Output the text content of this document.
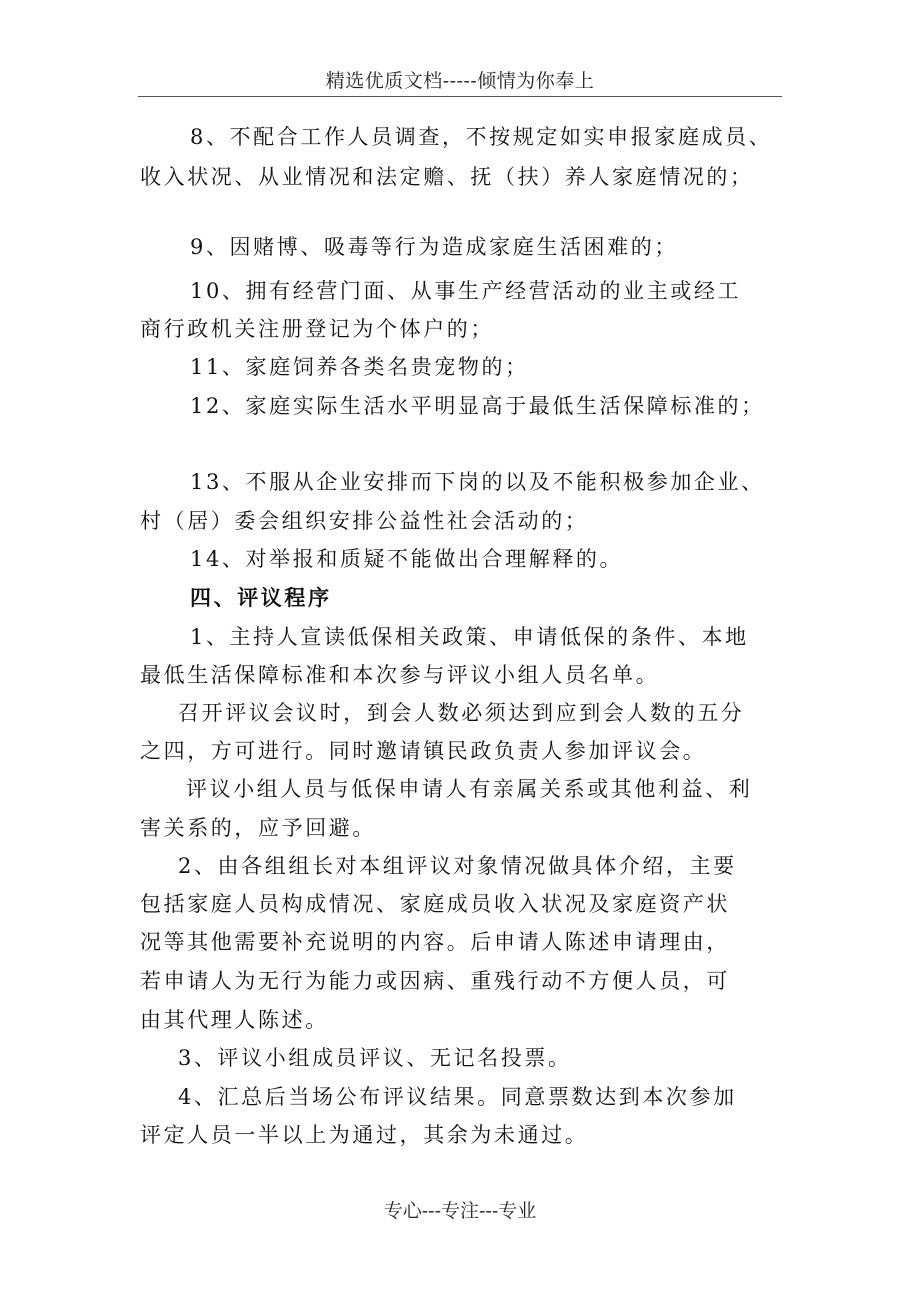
精选优质文档-----倾情为你奉上
8、不配合工作人员调查，不按规定如实申报家庭成员、
收入状况、从业情况和法定赡、抚（扶）养人家庭情况的；
9、因赌博、吸毒等行为造成家庭生活困难的；
10、拥有经营门面、从事生产经营活动的业主或经工
商行政机关注册登记为个体户的；
11、家庭饲养各类名贵宠物的；
12、家庭实际生活水平明显高于最低生活保障标准的；
13、不服从企业安排而下岗的以及不能积极参加企业、
村（居）委会组织安排公益性社会活动的；
14、对举报和质疑不能做出合理解释的。
四、评议程序
1、主持人宣读低保相关政策、申请低保的条件、本地
最低生活保障标准和本次参与评议小组人员名单。
召开评议会议时，到会人数必须达到应到会人数的五分
之四，方可进行。同时邀请镇民政负责人参加评议会。
评议小组人员与低保申请人有亲属关系或其他利益、利
害关系的，应予回避。
2、由各组组长对本组评议对象情况做具体介绍，主要
包括家庭人员构成情况、家庭成员收入状况及家庭资产状
况等其他需要补充说明的内容。后申请人陈述申请理由，
若申请人为无行为能力或因病、重残行动不方便人员，可
由其代理人陈述。
3、评议小组成员评议、无记名投票。
4、汇总后当场公布评议结果。同意票数达到本次参加
评定人员一半以上为通过，其余为未通过。
专心---专注---专业
